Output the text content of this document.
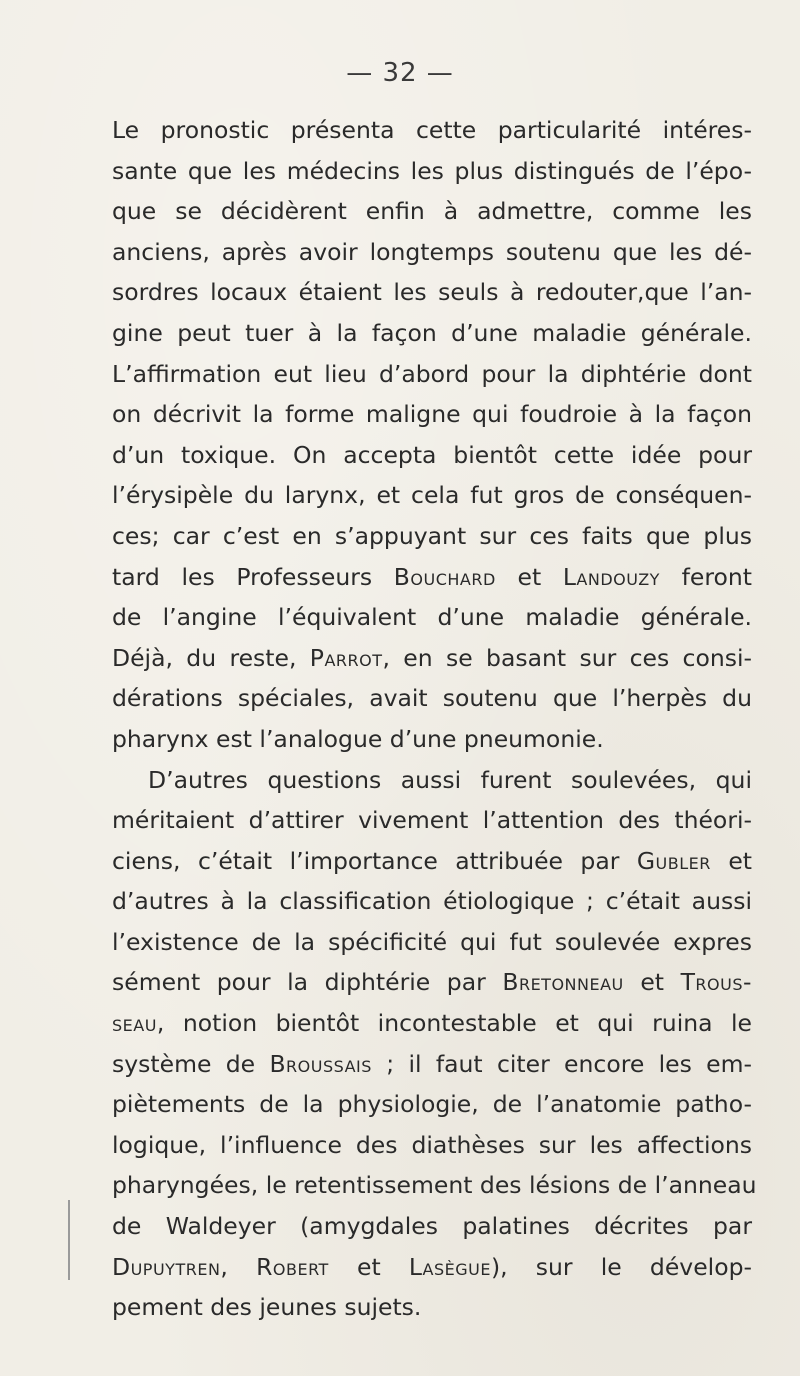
— 32 —
Le pronostic présenta cette particularité intéres-
sante que les médecins les plus distingués de l’épo-
que se décidèrent enfin à admettre, comme les
anciens, après avoir longtemps soutenu que les dé-
sordres locaux étaient les seuls à redouter,que l’an-
gine peut tuer à la façon d’une maladie générale.
L’affirmation eut lieu d’abord pour la diphtérie dont
on décrivit la forme maligne qui foudroie à la façon
d’un toxique. On accepta bientôt cette idée pour
l’érysipèle du larynx, et cela fut gros de conséquen-
ces; car c’est en s’appuyant sur ces faits que plus
tard les Professeurs Bouchard et Landouzy feront
de l’angine l’équivalent d’une maladie générale.
Déjà, du reste, Parrot, en se basant sur ces consi-
dérations spéciales, avait soutenu que l’herpès du
pharynx est l’analogue d’une pneumonie.
D’autres questions aussi furent soulevées, qui
méritaient d’attirer vivement l’attention des théori-
ciens, c’était l’importance attribuée par Gubler et
d’autres à la classification étiologique ; c’était aussi
l’existence de la spécificité qui fut soulevée expres
sément pour la diphtérie par Bretonneau et Trous-
seau, notion bientôt incontestable et qui ruina le
système de Broussais ; il faut citer encore les em-
piètements de la physiologie, de l’anatomie patho-
logique, l’influence des diathèses sur les affections
pharyngées, le retentissement des lésions de l’anneau
de Waldeyer (amygdales palatines décrites par
Dupuytren, Robert et Lasègue), sur le dévelop-
pement des jeunes sujets.
